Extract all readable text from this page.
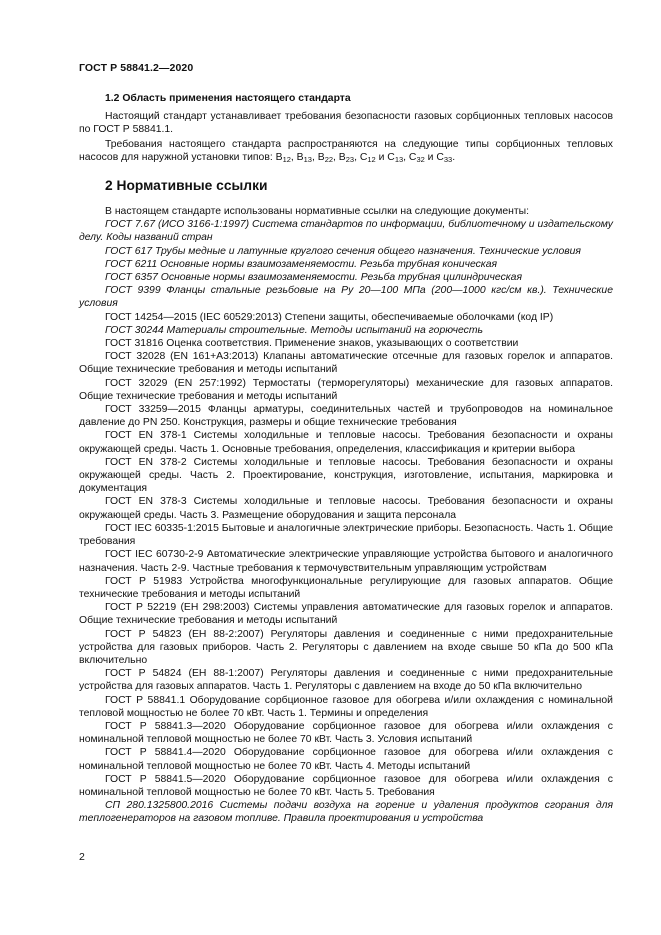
ГОСТ Р 58841.2—2020
1.2 Область применения настоящего стандарта

Настоящий стандарт устанавливает требования безопасности газовых сорбционных тепловых насосов по ГОСТ Р 58841.1.

Требования настоящего стандарта распространяются на следующие типы сорбционных тепловых насосов для наружной установки типов: B12, B13, B22, B23, C12 и C13, C32 и C33.

2 Нормативные ссылки

В настоящем стандарте использованы нормативные ссылки на следующие документы:

ГОСТ 7.67 (ИСО 3166-1:1997) Система стандартов по информации, библиотечному и издательскому делу. Коды названий стран

ГОСТ 617 Трубы медные и латунные круглого сечения общего назначения. Технические условия

ГОСТ 6211 Основные нормы взаимозаменяемости. Резьба трубная коническая

ГОСТ 6357 Основные нормы взаимозаменяемости. Резьба трубная цилиндрическая

ГОСТ 9399 Фланцы стальные резьбовые на Ру 20—100 МПа (200—1000 кгс/см кв.). Технические условия

ГОСТ 14254—2015 (IEC 60529:2013) Степени защиты, обеспечиваемые оболочками (код IP)

ГОСТ 30244 Материалы строительные. Методы испытаний на горючесть

ГОСТ 31816 Оценка соответствия. Применение знаков, указывающих о соответствии

ГОСТ 32028 (EN 161+A3:2013) Клапаны автоматические отсечные для газовых горелок и аппаратов. Общие технические требования и методы испытаний

ГОСТ 32029 (EN 257:1992) Термостаты (терморегуляторы) механические для газовых аппаратов. Общие технические требования и методы испытаний

ГОСТ 33259—2015 Фланцы арматуры, соединительных частей и трубопроводов на номинальное давление до PN 250. Конструкция, размеры и общие технические требования

ГОСТ EN 378-1 Системы холодильные и тепловые насосы. Требования безопасности и охраны окружающей среды. Часть 1. Основные требования, определения, классификация и критерии выбора

ГОСТ EN 378-2 Системы холодильные и тепловые насосы. Требования безопасности и охраны окружающей среды. Часть 2. Проектирование, конструкция, изготовление, испытания, маркировка и документация

ГОСТ EN 378-3 Системы холодильные и тепловые насосы. Требования безопасности и охраны окружающей среды. Часть 3. Размещение оборудования и защита персонала

ГОСТ IEC 60335-1:2015 Бытовые и аналогичные электрические приборы. Безопасность. Часть 1. Общие требования

ГОСТ IEC 60730-2-9 Автоматические электрические управляющие устройства бытового и аналогичного назначения. Часть 2-9. Частные требования к термочувствительным управляющим устройствам

ГОСТ Р 51983 Устройства многофункциональные регулирующие для газовых аппаратов. Общие технические требования и методы испытаний

ГОСТ Р 52219 (ЕН 298:2003) Системы управления автоматические для газовых горелок и аппаратов. Общие технические требования и методы испытаний

ГОСТ Р 54823 (ЕН 88-2:2007) Регуляторы давления и соединенные с ними предохранительные устройства для газовых приборов. Часть 2. Регуляторы с давлением на входе свыше 50 кПа до 500 кПа включительно

ГОСТ Р 54824 (ЕН 88-1:2007) Регуляторы давления и соединенные с ними предохранительные устройства для газовых аппаратов. Часть 1. Регуляторы с давлением на входе до 50 кПа включительно

ГОСТ Р 58841.1 Оборудование сорбционное газовое для обогрева и/или охлаждения с номинальной тепловой мощностью не более 70 кВт. Часть 1. Термины и определения

ГОСТ Р 58841.3—2020 Оборудование сорбционное газовое для обогрева и/или охлаждения с номинальной тепловой мощностью не более 70 кВт. Часть 3. Условия испытаний

ГОСТ Р 58841.4—2020 Оборудование сорбционное газовое для обогрева и/или охлаждения с номинальной тепловой мощностью не более 70 кВт. Часть 4. Методы испытаний

ГОСТ Р 58841.5—2020 Оборудование сорбционное газовое для обогрева и/или охлаждения с номинальной тепловой мощностью не более 70 кВт. Часть 5. Требования

СП 280.1325800.2016 Системы подачи воздуха на горение и удаления продуктов сгорания для теплогенераторов на газовом топливе. Правила проектирования и устройства

2
